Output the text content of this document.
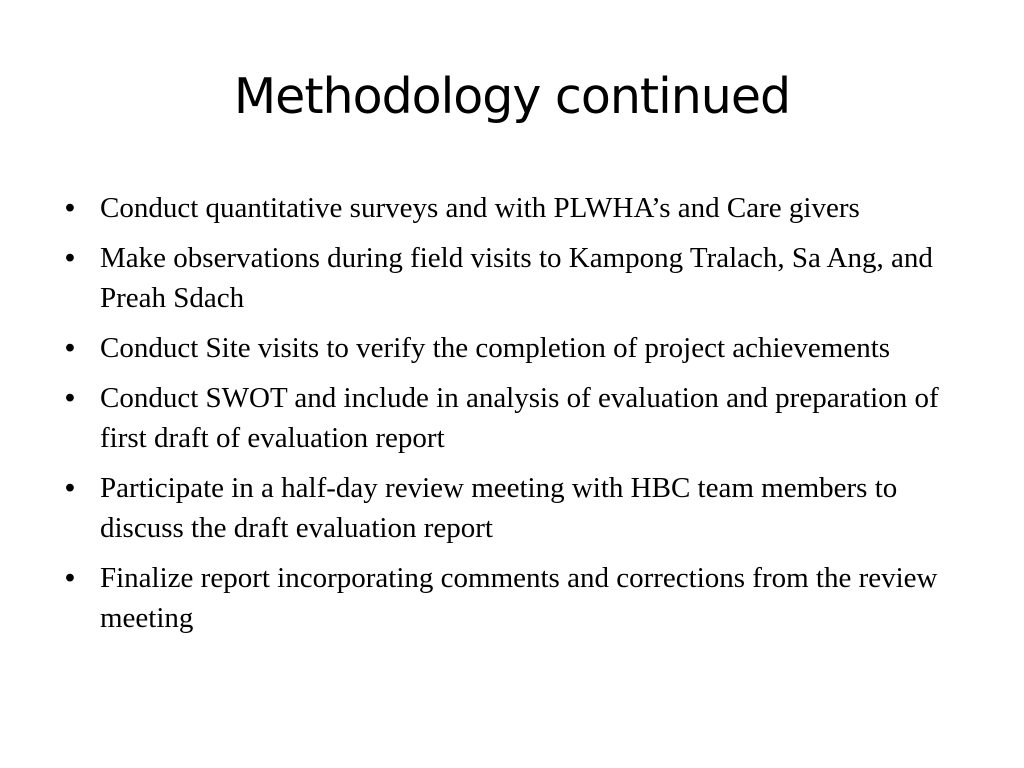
Methodology continued
• Conduct quantitative surveys and with PLWHA’s and Care givers
• Make observations during field visits to Kampong Tralach, Sa Ang, and Preah Sdach
• Conduct Site visits to verify the completion of project achievements
• Conduct SWOT and include in analysis of evaluation and preparation of first draft of evaluation report
• Participate in a half-day review meeting with HBC team members to discuss the draft evaluation report
• Finalize report incorporating comments and corrections from the review meeting
